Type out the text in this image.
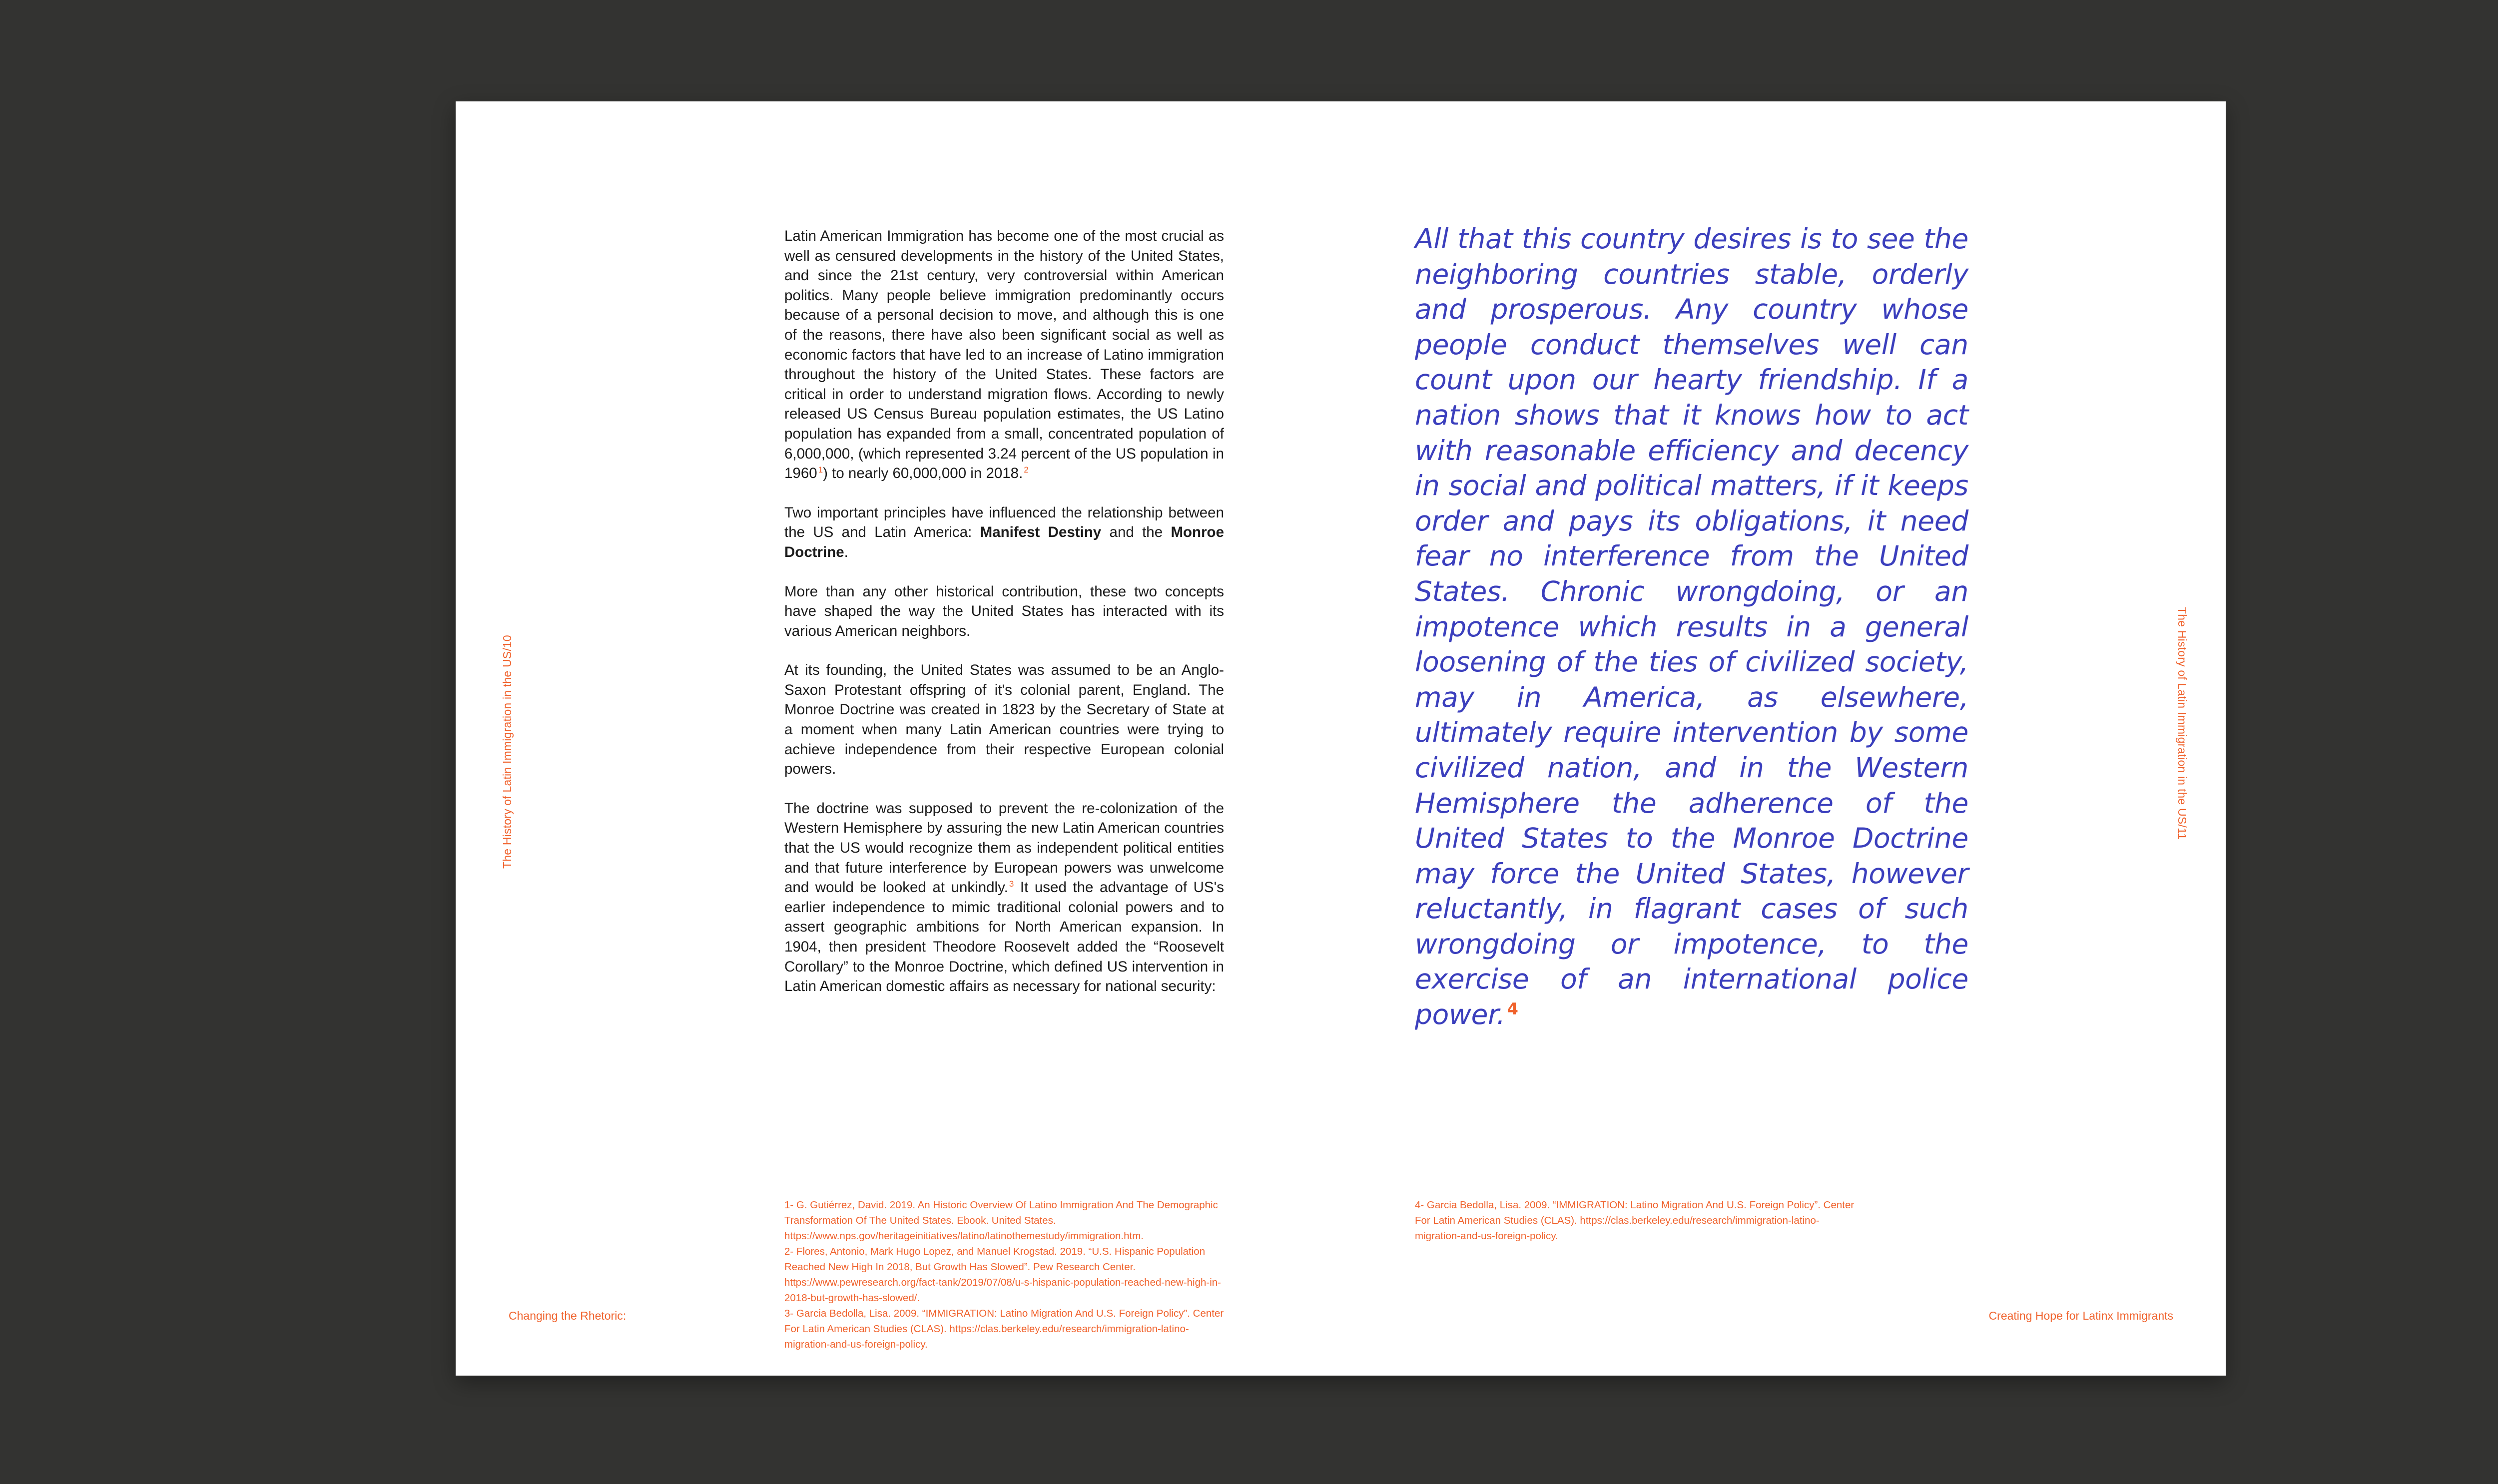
The History of Latin Immigration in the US/10

Latin American Immigration has become one of the most crucial as well as censured developments in the history of the United States, and since the 21st century, very controversial within American politics. Many people believe immigration predominantly occurs because of a personal decision to move, and although this is one of the reasons, there have also been significant social as well as economic factors that have led to an increase of Latino immigration throughout the history of the United States. These factors are critical in order to understand migration flows. According to newly released US Census Bureau population estimates, the US Latino population has expanded from a small, concentrated population of 6,000,000, (which represented 3.24 percent of the US population in 1960 $^1$) to nearly 60,000,000 in 2018. $^2$

Two important principles have influenced the relationship between the US and Latin America: Manifest Destiny and the Monroe Doctrine.

More than any other historical contribution, these two concepts have shaped the way the United States has interacted with its various American neighbors.

At its founding, the United States was assumed to be an Anglo-Saxon Protestant offspring of it's colonial parent, England. The Monroe Doctrine was created in 1823 by the Secretary of State at a moment when many Latin American countries were trying to achieve independence from their respective European colonial powers.

The doctrine was supposed to prevent the re-colonization of the Western Hemisphere by assuring the new Latin American countries that the US would recognize them as independent political entities and that future interference by European powers was unwelcome and would be looked at unkindly. $^3$ It used the advantage of US's earlier independence to mimic traditional colonial powers and to assert geographic ambitions for North American expansion. In 1904, then president Theodore Roosevelt added the “Roosevelt Corollary” to the Monroe Doctrine, which defined US intervention in Latin American domestic affairs as necessary for national security:

1- G. Gutiérrez, David. 2019. An Historic Overview Of Latino Immigration And The Demographic Transformation Of The United States. Ebook. United States. https://www.nps.gov/heritageinitiatives/latino/latinothemestudy/immigration.htm.

2- Flores, Antonio, Mark Hugo Lopez, and Manuel Krogstad. 2019. “U.S. Hispanic Population Reached New High In 2018, But Growth Has Slowed”. Pew Research Center. https://www.pewresearch.org/fact-tank/2019/07/08/u-s-hispanic-population-reached-new-high-in-2018-but-growth-has-slowed/.

3- Garcia Bedolla, Lisa. 2009. “IMMIGRATION: Latino Migration And U.S. Foreign Policy”. Center For Latin American Studies (CLAS). https://clas.berkeley.edu/research/immigration-latino-migration-and-us-foreign-policy.

Changing the Rhetoric:
All that this country desires is to see the neighboring countries stable, orderly and prosperous. Any country whose people conduct themselves well can count upon our hearty friendship. If a nation shows that it knows how to act with reasonable efficiency and decency in social and political matters, if it keeps order and pays its obligations, it need fear no interference from the United States. Chronic wrongdoing, or an impotence which results in a general loosening of the ties of civilized society, may in America, as elsewhere, ultimately require intervention by some civilized nation, and in the Western Hemisphere the adherence of the United States to the Monroe Doctrine may force the United States, however reluctantly, in flagrant cases of such wrongdoing or impotence, to the exercise of an international police power. $^4$

4- Garcia Bedolla, Lisa. 2009. “IMMIGRATION: Latino Migration And U.S. Foreign Policy”. Center For Latin American Studies (CLAS). https://clas.berkeley.edu/research/immigration-latino-migration-and-us-foreign-policy.

The History of Latin Immigration in the US/11
Creating Hope for Latinx Immigrants
